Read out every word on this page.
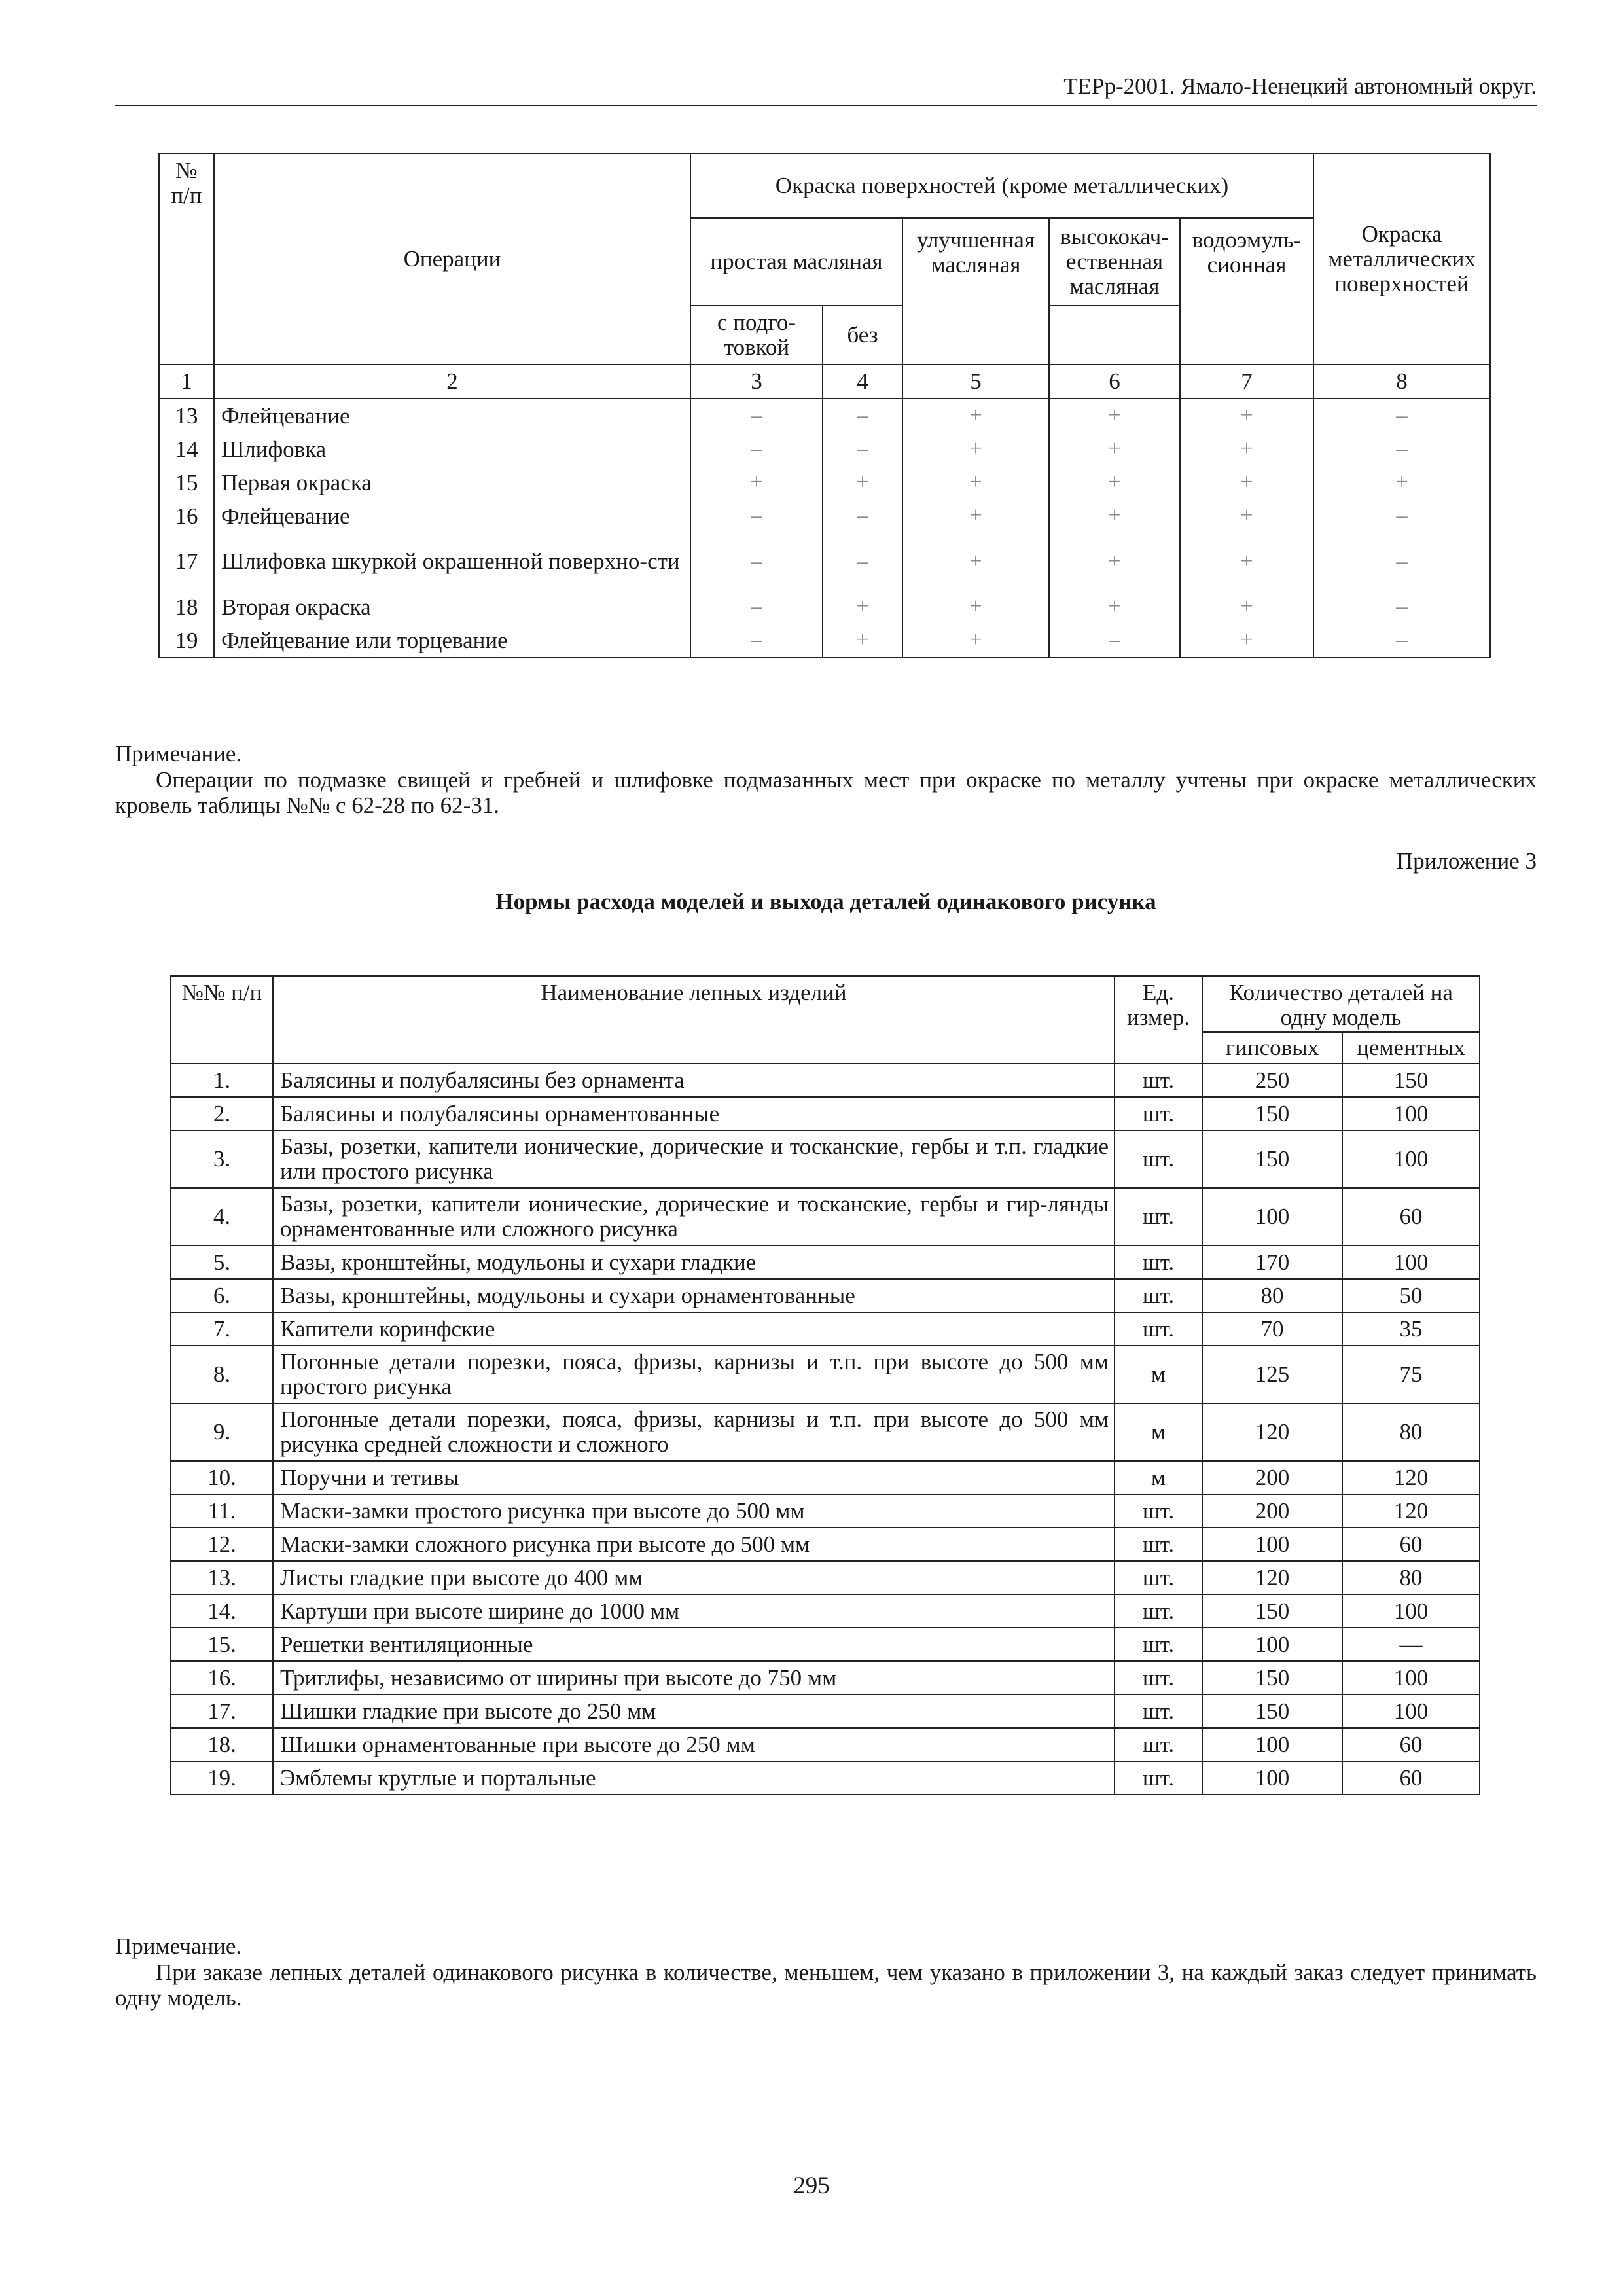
ТЕРр-2001. Ямало-Ненецкий автономный округ.
№ п/п	Операции	Окраска поверхностей (кроме металлических)					Окраска металлических поверхностей
		простая масляная		улучшенная масляная	высококач-ественная масляная	водоэмуль-сионная	
		с подго-товкой	без				
1	2	3	4	5	6	7	8
13	Флейцевание	–	–	+	+	+	–
14	Шлифовка	–	–	+	+	+	–
15	Первая окраска	+	+	+	+	+	+
16	Флейцевание	–	–	+	+	+	–
17	Шлифовка шкуркой окрашенной поверхно-сти	–	–	+	+	+	–
18	Вторая окраска	–	+	+	+	+	–
19	Флейцевание или торцевание	–	+	+	–	+	–
Примечание.
Операции по подмазке свищей и гребней и шлифовке подмазанных мест при окраске по металлу учтены при окраске металлических кровель таблицы №№ с 62-28 по 62-31.
Приложение 3
Нормы расхода моделей и выхода деталей одинакового рисунка
№№ п/п	Наименование лепных изделий	Ед. измер.	Количество деталей на одну модель	
			гипсовых	цементных
1.	Балясины и полубалясины без орнамента	шт.	250	150
2.	Балясины и полубалясины орнаментованные	шт.	150	100
3.	Базы, розетки, капители ионические, дорические и тосканские, гербы и т.п. гладкие или простого рисунка	шт.	150	100
4.	Базы, розетки, капители ионические, дорические и тосканские, гербы и гир-лянды орнаментованные или сложного рисунка	шт.	100	60
5.	Вазы, кронштейны, модульоны и сухари гладкие	шт.	170	100
6.	Вазы, кронштейны, модульоны и сухари орнаментованные	шт.	80	50
7.	Капители коринфские	шт.	70	35
8.	Погонные детали порезки, пояса, фризы, карнизы и т.п. при высоте до 500 мм простого рисунка	м	125	75
9.	Погонные детали порезки, пояса, фризы, карнизы и т.п. при высоте до 500 мм рисунка средней сложности и сложного	м	120	80
10.	Поручни и тетивы	м	200	120
11.	Маски-замки простого рисунка при высоте до 500 мм	шт.	200	120
12.	Маски-замки сложного рисунка при высоте до 500 мм	шт.	100	60
13.	Листы гладкие при высоте до 400 мм	шт.	120	80
14.	Картуши при высоте ширине до 1000 мм	шт.	150	100
15.	Решетки вентиляционные	шт.	100	—
16.	Триглифы, независимо от ширины при высоте до 750 мм	шт.	150	100
17.	Шишки гладкие при высоте до 250 мм	шт.	150	100
18.	Шишки орнаментованные при высоте до 250 мм	шт.	100	60
19.	Эмблемы круглые и портальные	шт.	100	60
Примечание.
При заказе лепных деталей одинакового рисунка в количестве, меньшем, чем указано в приложении 3, на каждый заказ следует принимать одну модель.
295
